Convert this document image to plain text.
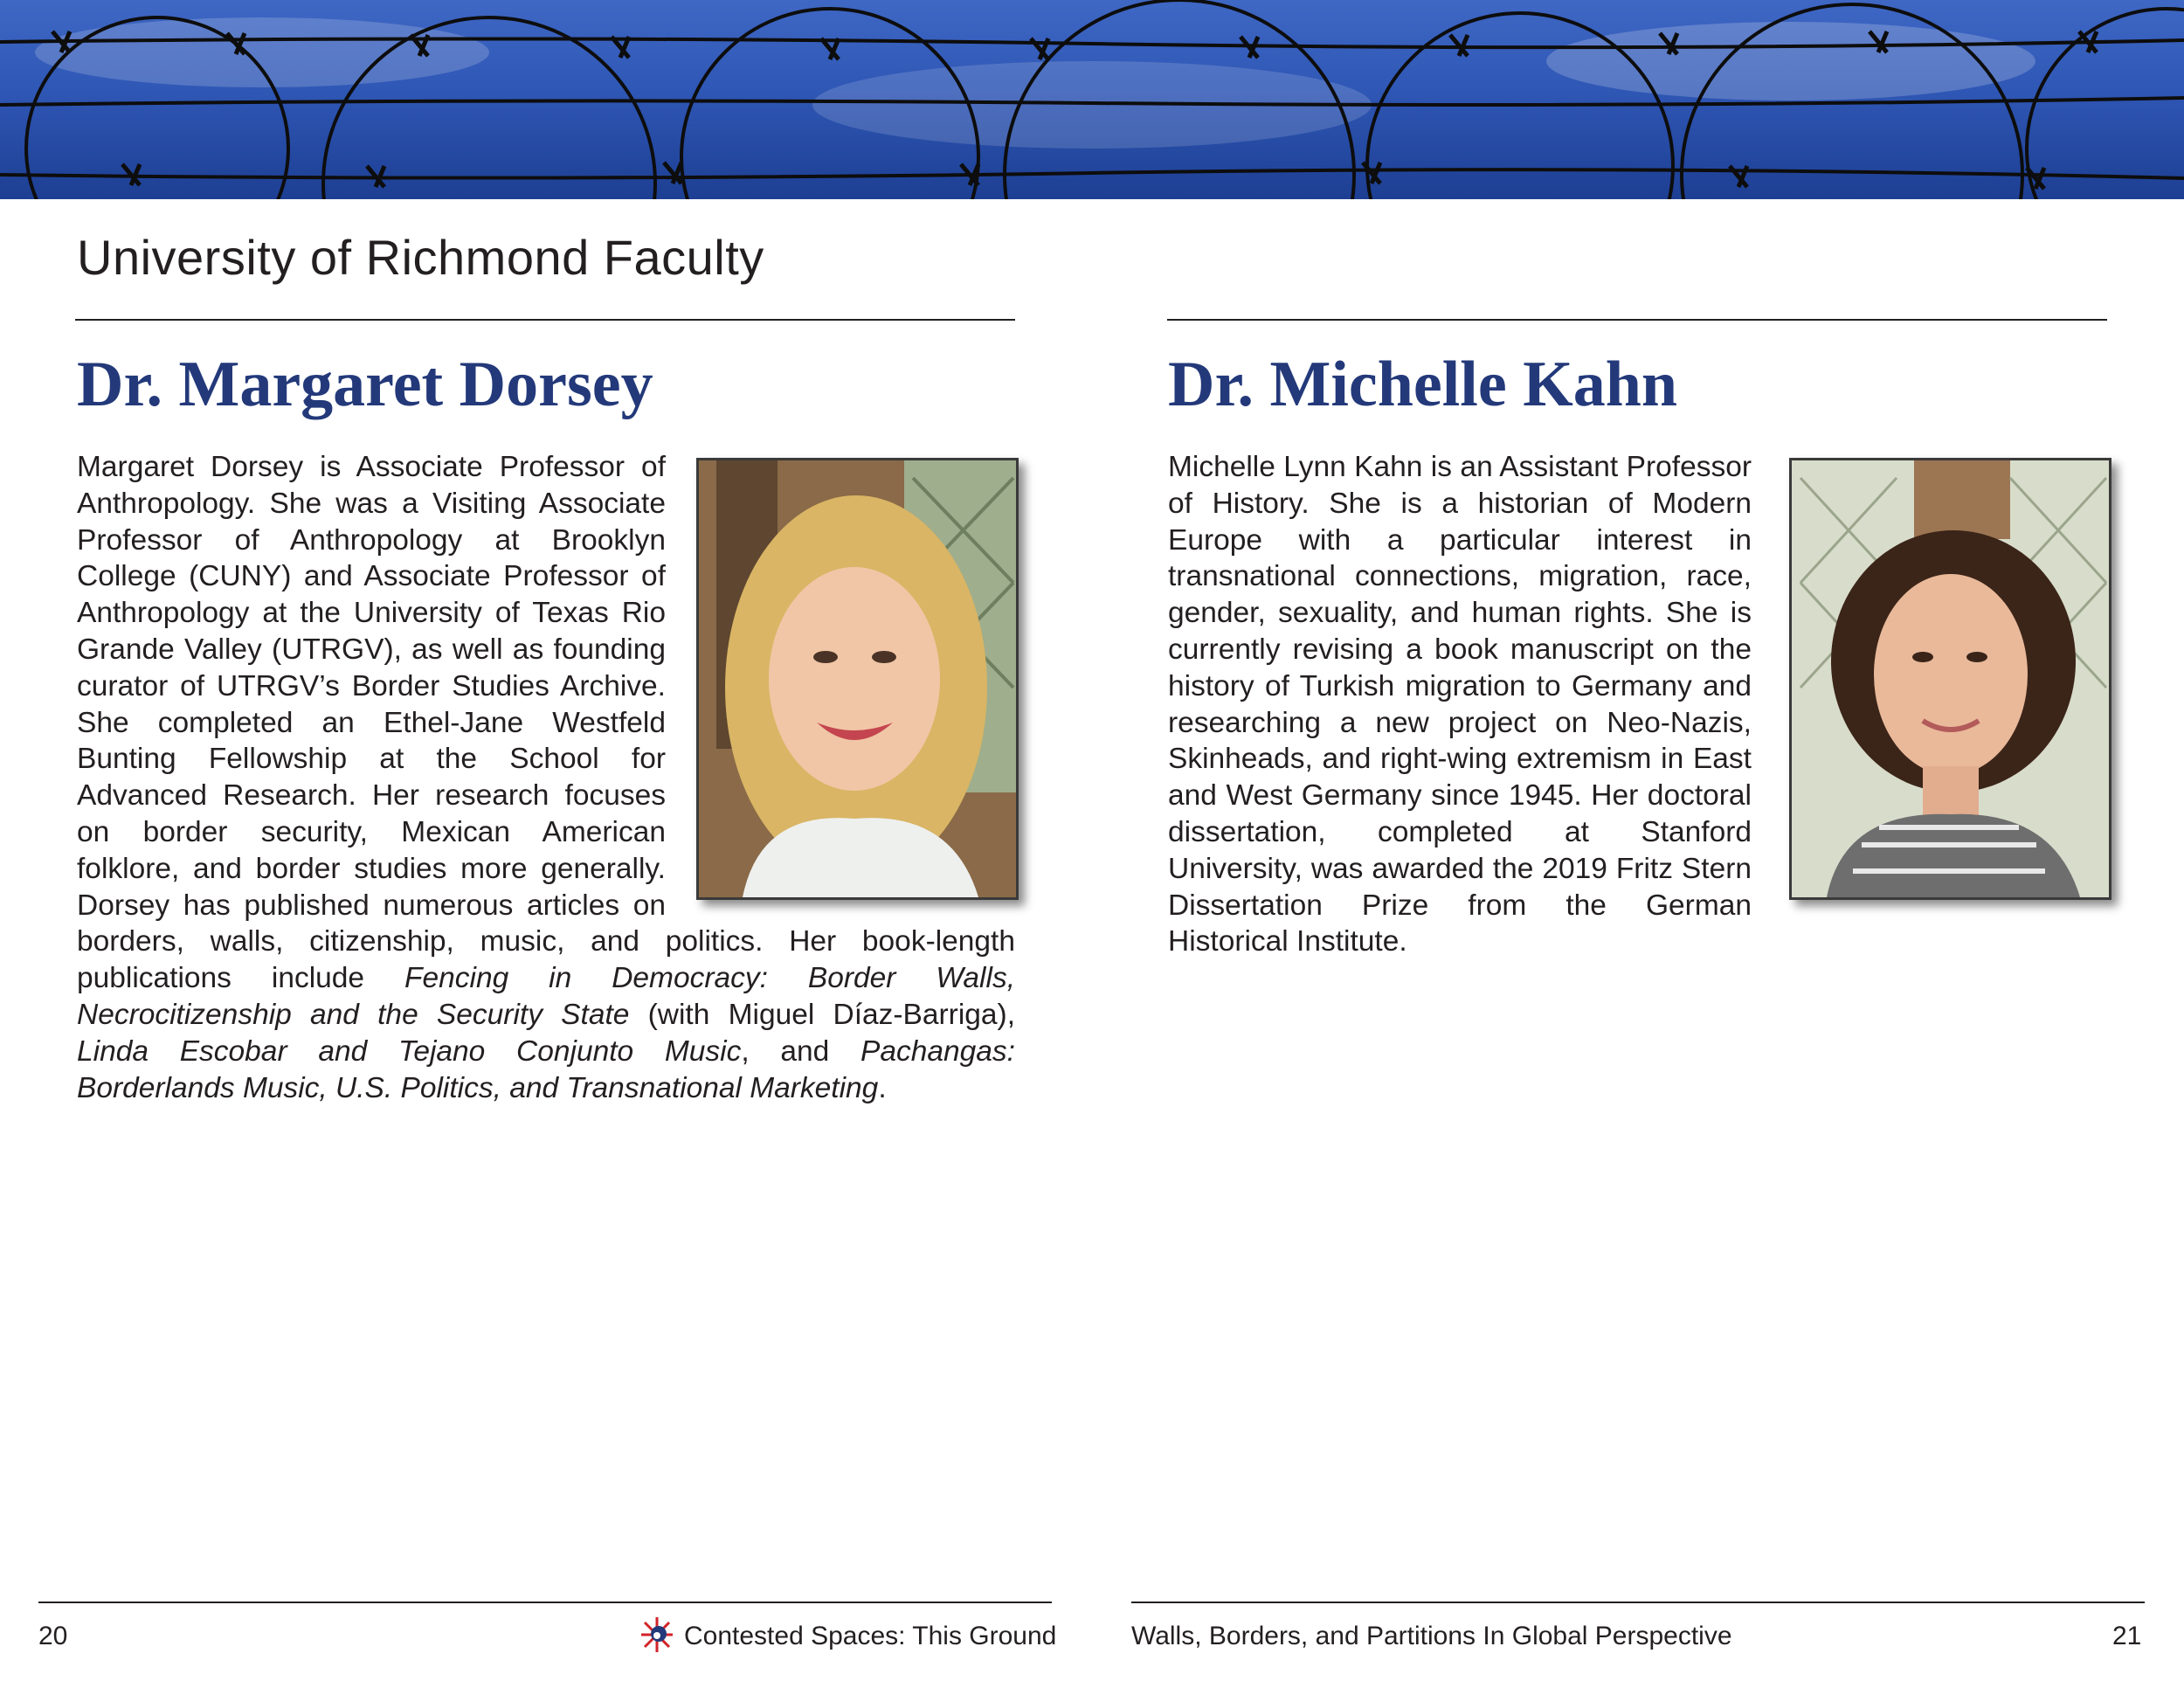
University of Richmond Faculty
Dr. Margaret Dorsey

Margaret Dorsey is Associate Professor of Anthropology. She was a Visiting Associate Professor of Anthropology at Brooklyn College (CUNY) and Associate Professor of Anthropology at the University of Texas Rio Grande Valley (UTRGV), as well as founding curator of UTRGV’s Border Studies Archive. She completed an Ethel-Jane Westfeld Bunting Fellowship at the School for Advanced Research. Her research focuses on border security, Mexican American folklore, and border studies more generally. Dorsey has published numerous articles on borders, walls, citizenship, music, and politics. Her book-length publications include Fencing in Democracy: Border Walls, Necrocitizenship and the Security State (with Miguel Díaz-Barriga), Linda Escobar and Tejano Conjunto Music, and Pachangas: Borderlands Music, U.S. Politics, and Transnational Marketing.

Dr. Michelle Kahn

Michelle Lynn Kahn is an Assistant Professor of History. She is a historian of Modern Europe with a particular interest in transnational connections, migration, race, gender, sexuality, and human rights. She is currently revising a book manuscript on the history of Turkish migration to Germany and researching a new project on Neo-Nazis, Skinheads, and right-wing extremism in East and West Germany since 1945. Her doctoral dissertation, completed at Stanford University, was awarded the 2019 Fritz Stern Dissertation Prize from the German Historical Institute.

20	Contested Spaces: This Ground	Walls, Borders, and Partitions In Global Perspective	21
